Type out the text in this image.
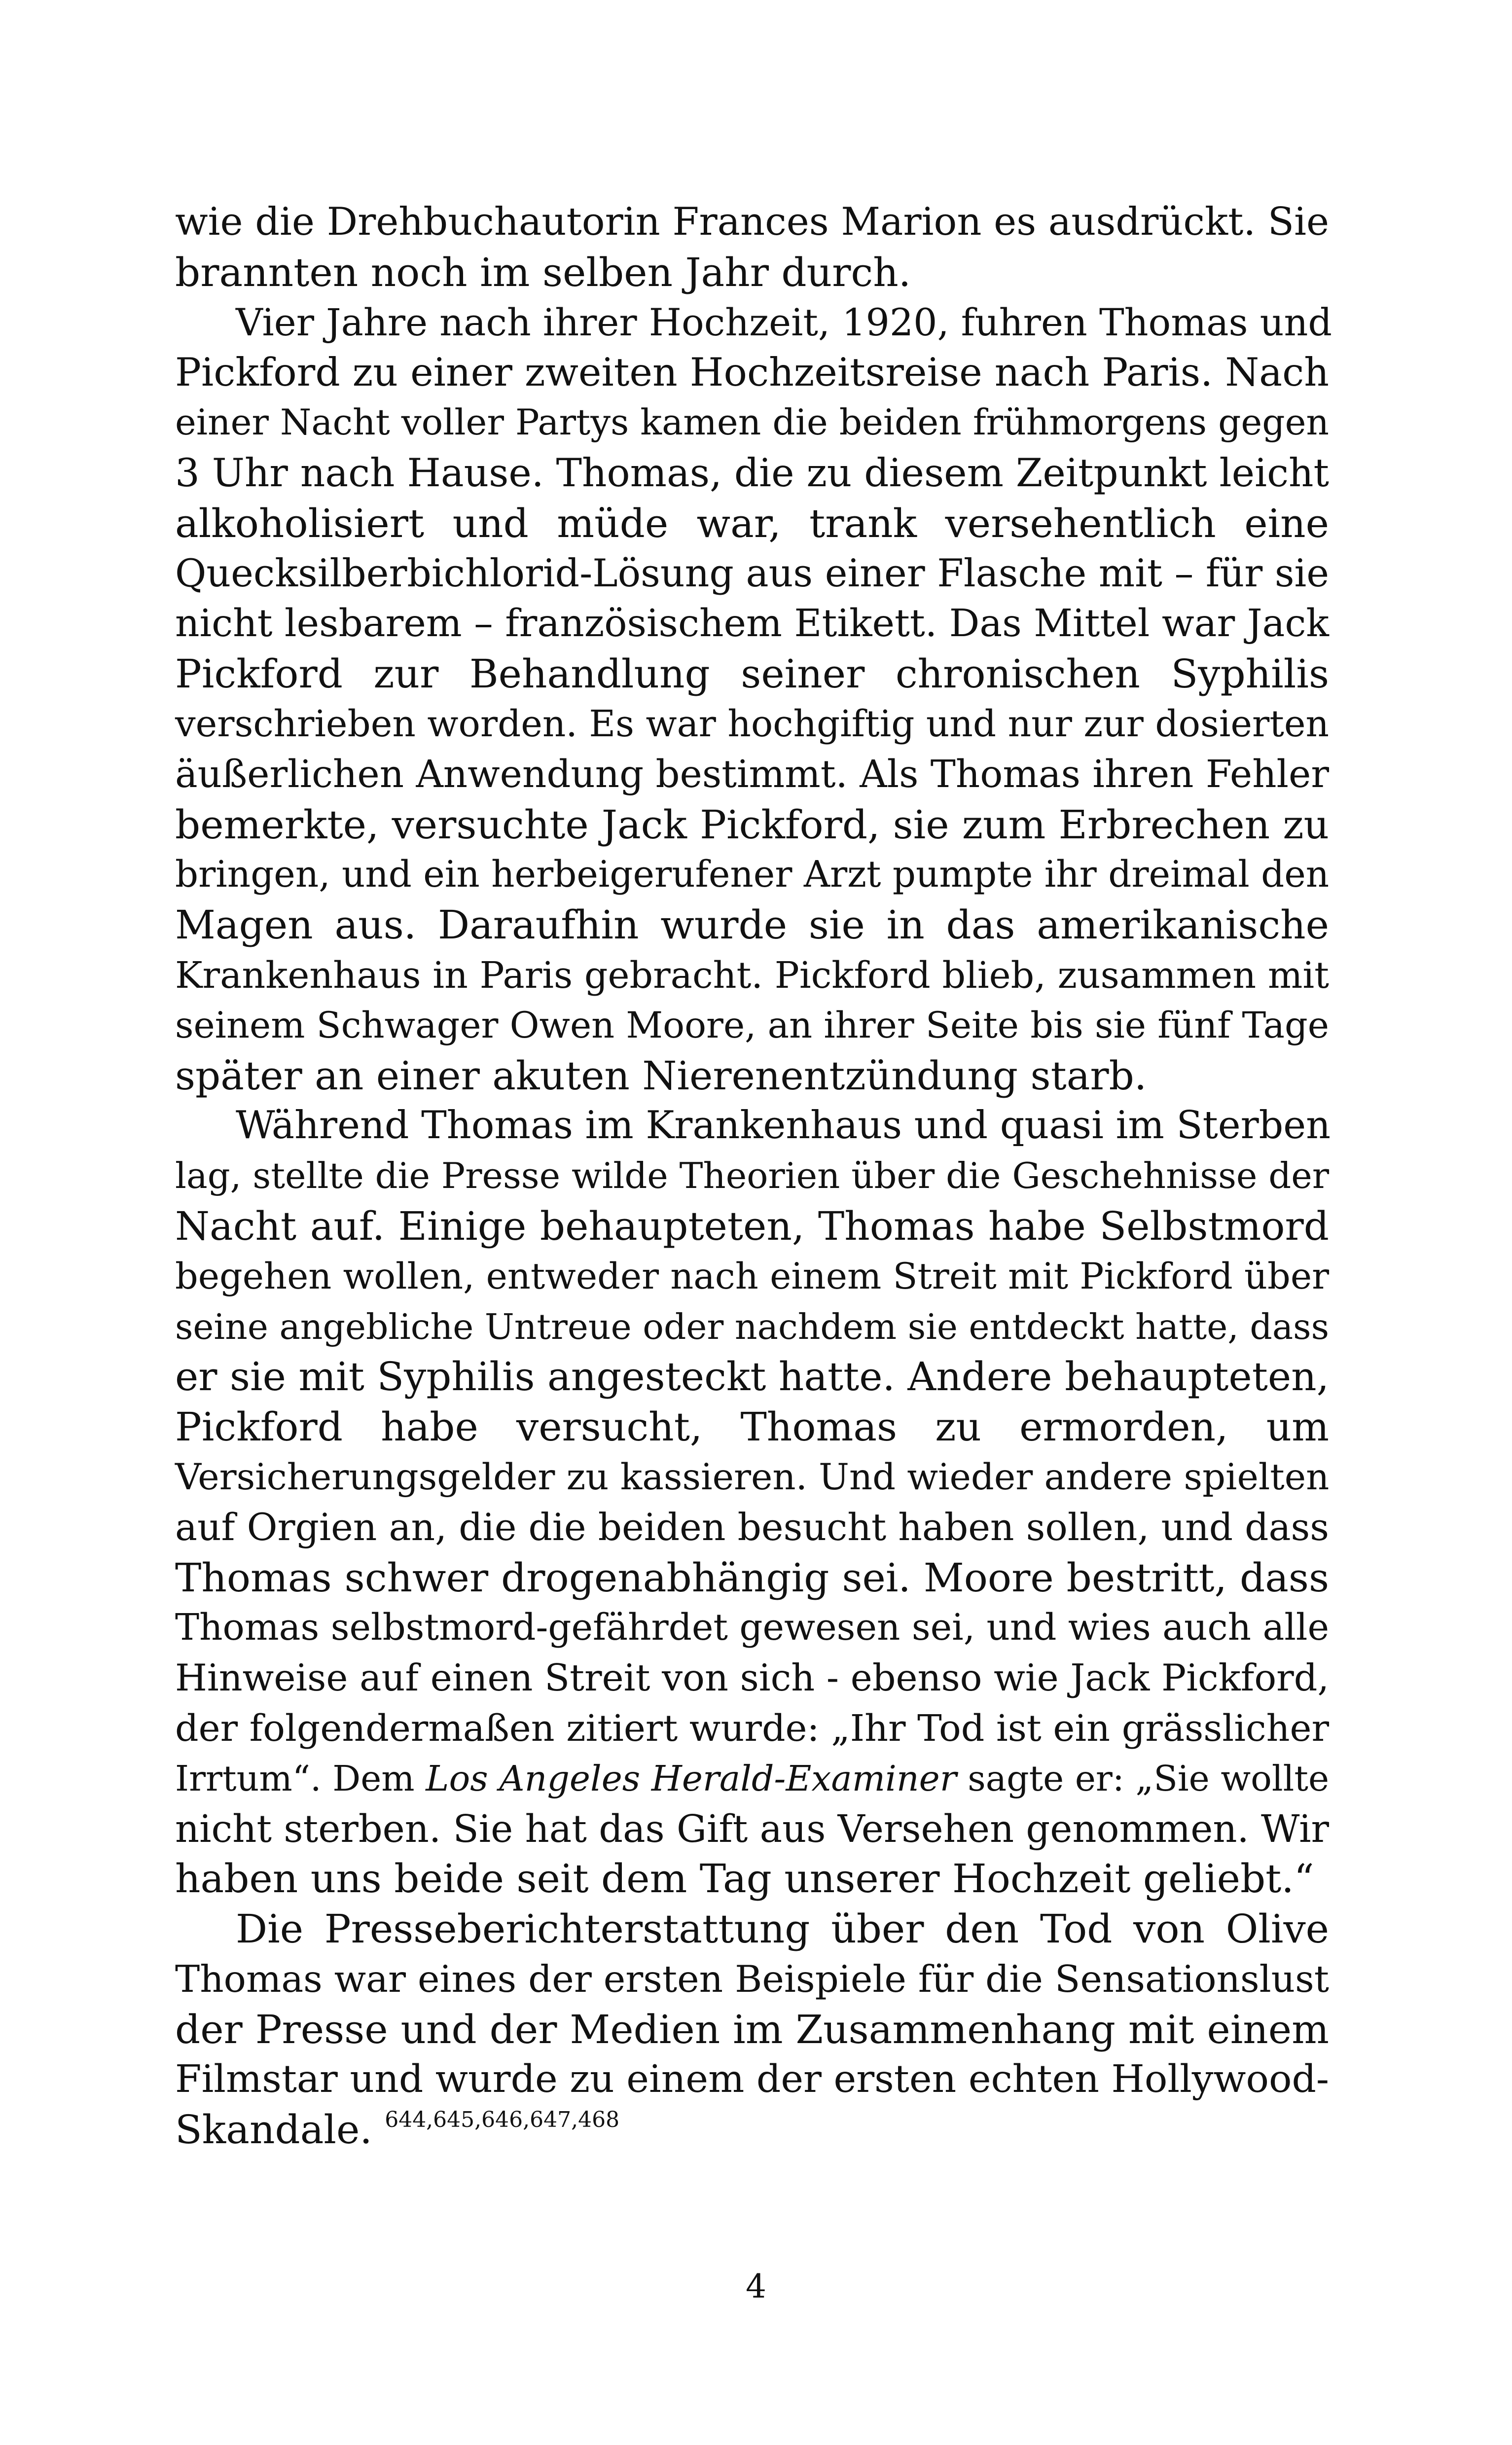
wie die Drehbuchautorin Frances Marion es ausdrückt. Sie
brannten noch im selben Jahr durch.
Vier Jahre nach ihrer Hochzeit, 1920, fuhren Thomas und
Pickford zu einer zweiten Hochzeitsreise nach Paris. Nach
einer Nacht voller Partys kamen die beiden frühmorgens gegen
3 Uhr nach Hause. Thomas, die zu diesem Zeitpunkt leicht
alkoholisiert und müde war, trank versehentlich eine
Quecksilberbichlorid-Lösung aus einer Flasche mit – für sie
nicht lesbarem – französischem Etikett. Das Mittel war Jack
Pickford zur Behandlung seiner chronischen Syphilis
verschrieben worden. Es war hochgiftig und nur zur dosierten
äußerlichen Anwendung bestimmt. Als Thomas ihren Fehler
bemerkte, versuchte Jack Pickford, sie zum Erbrechen zu
bringen, und ein herbeigerufener Arzt pumpte ihr dreimal den
Magen aus. Daraufhin wurde sie in das amerikanische
Krankenhaus in Paris gebracht. Pickford blieb, zusammen mit
seinem Schwager Owen Moore, an ihrer Seite bis sie fünf Tage
später an einer akuten Nierenentzündung starb.
Während Thomas im Krankenhaus und quasi im Sterben
lag, stellte die Presse wilde Theorien über die Geschehnisse der
Nacht auf. Einige behaupteten, Thomas habe Selbstmord
begehen wollen, entweder nach einem Streit mit Pickford über
seine angebliche Untreue oder nachdem sie entdeckt hatte, dass
er sie mit Syphilis angesteckt hatte. Andere behaupteten,
Pickford habe versucht, Thomas zu ermorden, um
Versicherungsgelder zu kassieren. Und wieder andere spielten
auf Orgien an, die die beiden besucht haben sollen, und dass
Thomas schwer drogenabhängig sei. Moore bestritt, dass
Thomas selbstmord-gefährdet gewesen sei, und wies auch alle
Hinweise auf einen Streit von sich - ebenso wie Jack Pickford,
der folgendermaßen zitiert wurde: „Ihr Tod ist ein grässlicher
Irrtum“. Dem Los Angeles Herald-Examiner sagte er: „Sie wollte
nicht sterben. Sie hat das Gift aus Versehen genommen. Wir
haben uns beide seit dem Tag unserer Hochzeit geliebt.“
Die Presseberichterstattung über den Tod von Olive
Thomas war eines der ersten Beispiele für die Sensationslust
der Presse und der Medien im Zusammenhang mit einem
Filmstar und wurde zu einem der ersten echten Hollywood-
Skandale. $^{644,645,646,647,468}$
4
